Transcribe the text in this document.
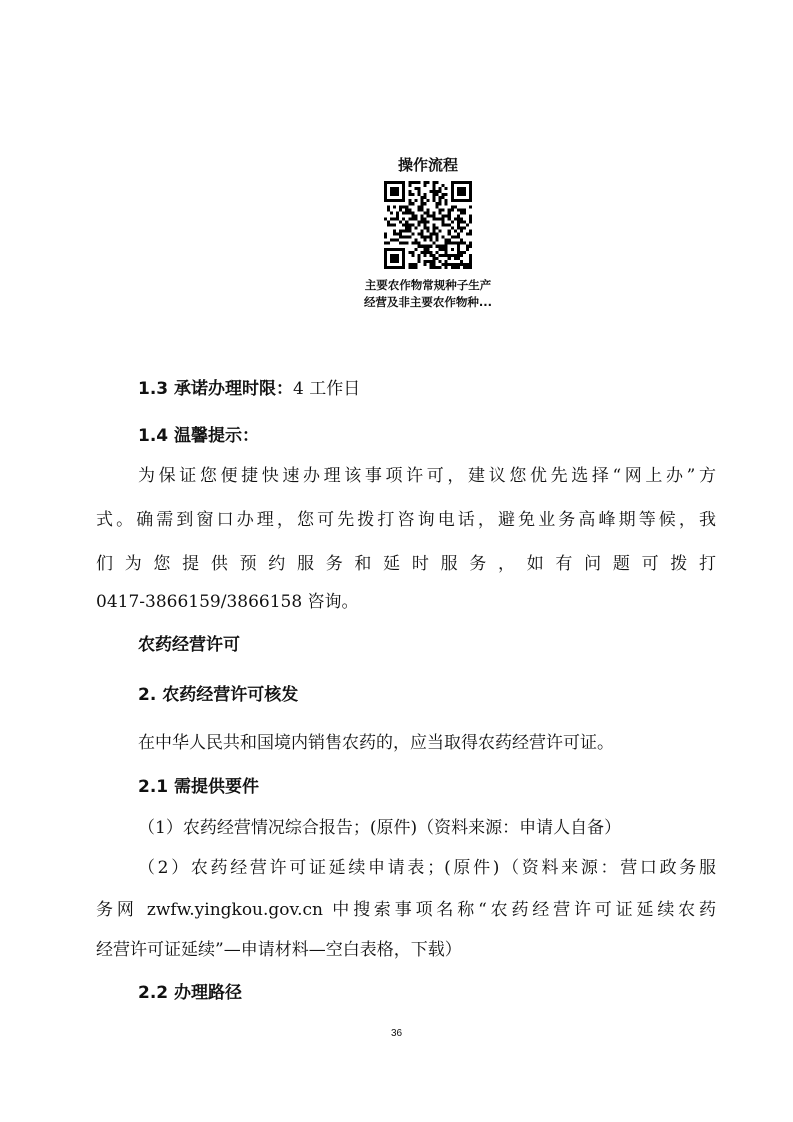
操作流程
主要农作物常规种子生产
经营及非主要农作物种...
1.3 承诺办理时限：4 工作日
1.4 温馨提示：
为保证您便捷快速办理该事项许可，建议您优先选择“网上办”方
式。确需到窗口办理，您可先拨打咨询电话，避免业务高峰期等候，我
们为您提供预约服务和延时服务，如有问题可拨打
0417-3866159/3866158 咨询。
农药经营许可
2. 农药经营许可核发
在中华人民共和国境内销售农药的，应当取得农药经营许可证。
2.1 需提供要件
（1）农药经营情况综合报告；(原件)（资料来源：申请人自备）
（2）农药经营许可证延续申请表；(原件)（资料来源：营口政务服
务网 zwfw.yingkou.gov.cn 中搜索事项名称“农药经营许可证延续农药
经营许可证延续”—申请材料—空白表格，下载）
2.2 办理路径
36
